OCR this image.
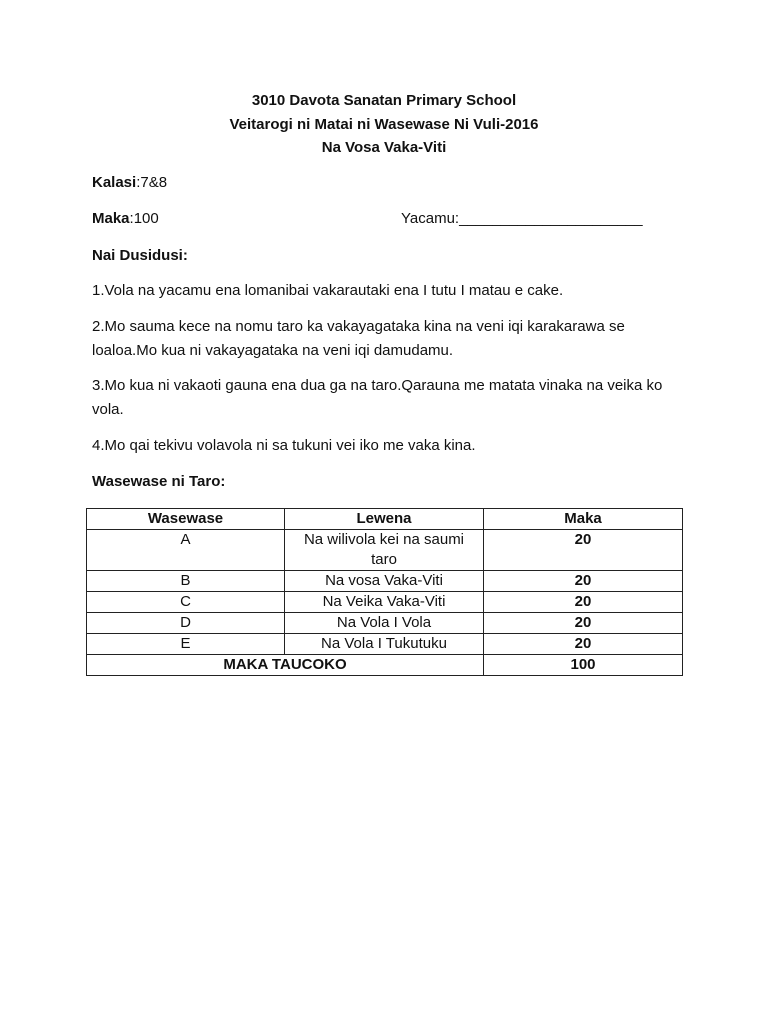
3010 Davota Sanatan Primary School
Veitarogi ni Matai ni Wasewase Ni Vuli-2016
Na Vosa Vaka-Viti
Kalasi:7&8
Maka:100	Yacamu:______________________
Nai Dusidusi:
1.Vola na yacamu ena lomanibai vakarautaki ena I tutu I matau e cake.
2.Mo sauma kece na nomu taro ka vakayagataka kina na veni iqi karakarawa se loaloa.Mo kua ni vakayagataka na veni iqi damudamu.
3.Mo kua ni vakaoti gauna ena dua ga na taro.Qarauna me matata vinaka na veika ko vola.
4.Mo qai tekivu volavola ni sa tukuni vei iko me vaka kina.
Wasewase ni Taro:
Wasewase	Lewena	Maka
A	Na wilivola kei na saumi taro	20
B	Na vosa Vaka-Viti	20
C	Na Veika Vaka-Viti	20
D	Na Vola I Vola	20
E	Na Vola I Tukutuku	20
MAKA TAUCOKO		100
